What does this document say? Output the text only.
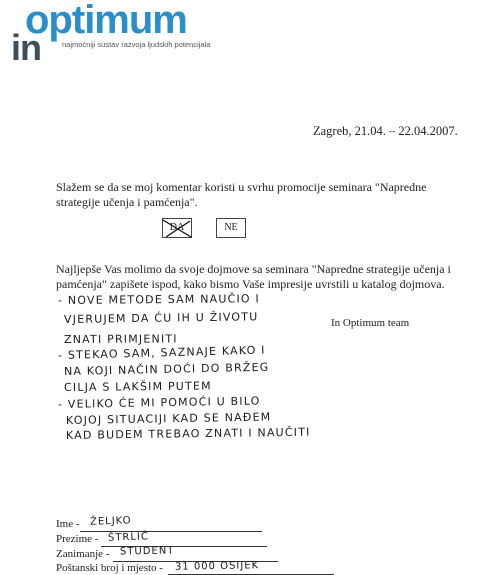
in
optimum
najmoćniji sustav razvoja ljudskih potencijala
Zagreb, 21.04. – 22.04.2007.
Slažem se da se moj komentar koristi u svrhu promocije seminara "Napredne strategije učenja i pamćenja".
DA	NE
Najljepše Vas molimo da svoje dojmove sa seminara "Napredne strategije učenja i pamćenja" zapišete ispod, kako bismo Vaše impresije uvrstili u katalog dojmova.
In Optimum team
- NOVE METODE SAM NAUČIO I
VJERUJEM DA ĆU IH U ŽIVOTU
ZNATI PRIMJENITI
- STEKAO SAM, SAZNAJE KAKO I
NA KOJI NAČIN DOĆI DO BRŽEG
CILJA S LAKŠIM PUTEM
- VELIKO ĆE MI POMOĆI U BILO
KOJOJ SITUACIJI KAD SE NAĐEM
KAD BUDEM TREBAO ZNATI I NAUČITI
Ime - ŽELJKO
Prezime - ŠTRLIĆ
Zanimanje - STUDENT
Poštanski broj i mjesto - 31 000 OSIJEK
